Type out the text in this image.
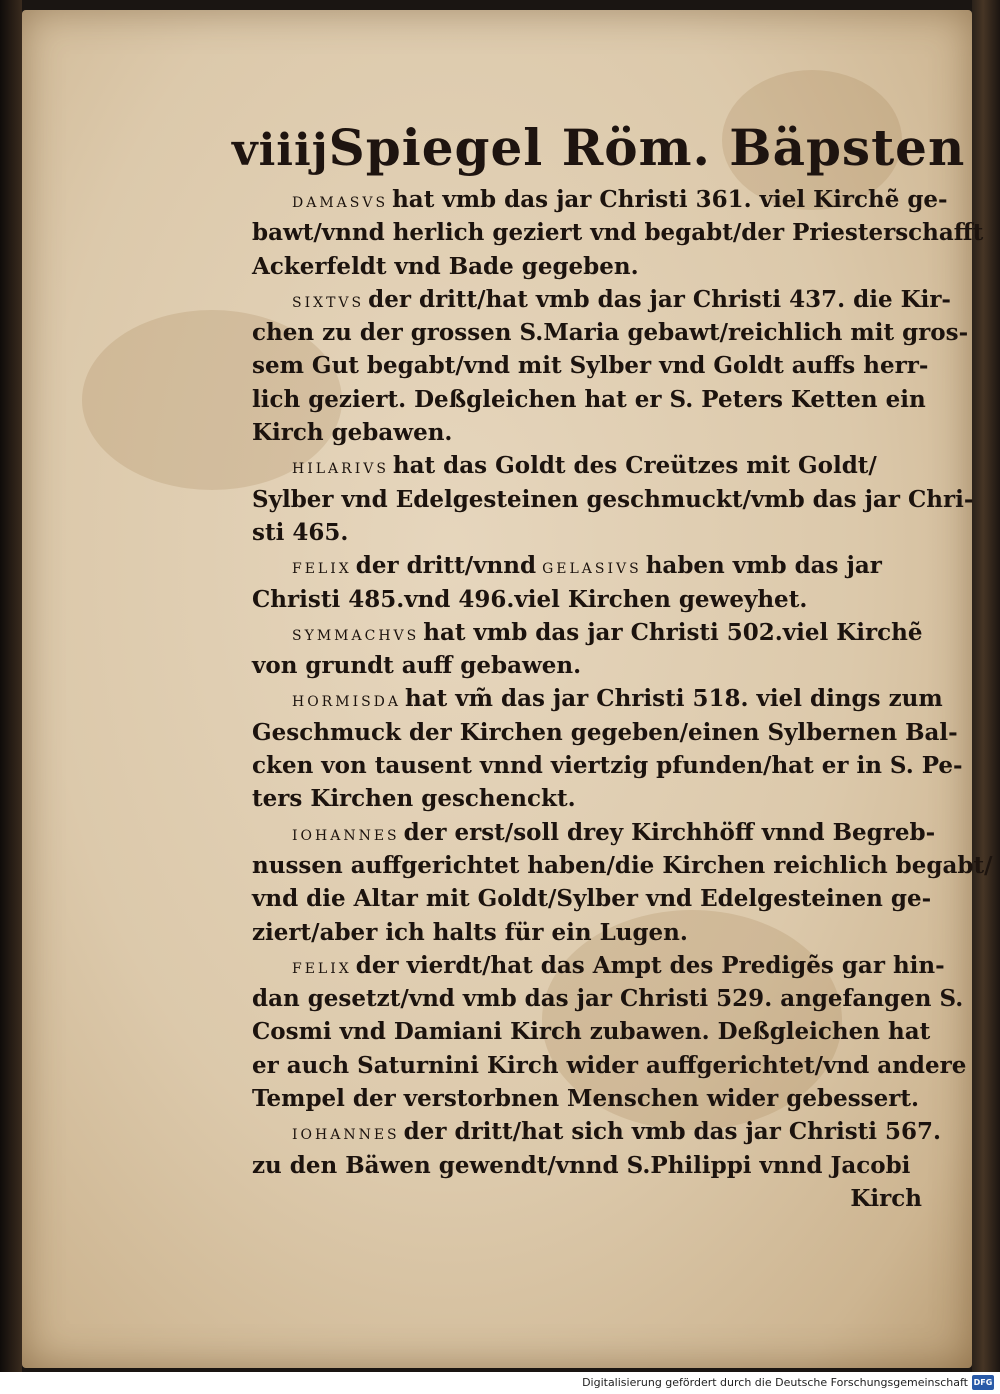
viiij Spiegel Röm. Bäpsten
DAMASVS hat vmb das jar Christi 361. viel Kirchẽ ge-
bawt/vnnd herlich geziert vnd begabt/der Priesterschafft
Ackerfeldt vnd Bade gegeben.
SIXTVS der dritt/hat vmb das jar Christi 437. die Kir-
chen zu der grossen S.Maria gebawt/reichlich mit gros-
sem Gut begabt/vnd mit Sylber vnd Goldt auffs herr-
lich geziert. Deßgleichen hat er S. Peters Ketten ein
Kirch gebawen.
HILARIVS hat das Goldt des Creützes mit Goldt/
Sylber vnd Edelgesteinen geschmuckt/vmb das jar Chri-
sti 465.
FELIX der dritt/vnnd GELASIVS haben vmb das jar
Christi 485.vnd 496.viel Kirchen geweyhet.
SYMMACHVS hat vmb das jar Christi 502.viel Kirchẽ
von grundt auff gebawen.
HORMISDA hat vm̃ das jar Christi 518. viel dings zum
Geschmuck der Kirchen gegeben/einen Sylbernen Bal-
cken von tausent vnnd viertzig pfunden/hat er in S. Pe-
ters Kirchen geschenckt.
IOHANNES der erst/soll drey Kirchhöff vnnd Begreb-
nussen auffgerichtet haben/die Kirchen reichlich begabt/
vnd die Altar mit Goldt/Sylber vnd Edelgesteinen ge-
ziert/aber ich halts für ein Lugen.
FELIX der vierdt/hat das Ampt des Predigẽs gar hin-
dan gesetzt/vnd vmb das jar Christi 529. angefangen S.
Cosmi vnd Damiani Kirch zubawen. Deßgleichen hat
er auch Saturnini Kirch wider auffgerichtet/vnd andere
Tempel der verstorbnen Menschen wider gebessert.
IOHANNES der dritt/hat sich vmb das jar Christi 567.
zu den Bäwen gewendt/vnnd S.Philippi vnnd Jacobi
Kirch
Digitalisierung gefördert durch die Deutsche Forschungsgemeinschaft DFG
